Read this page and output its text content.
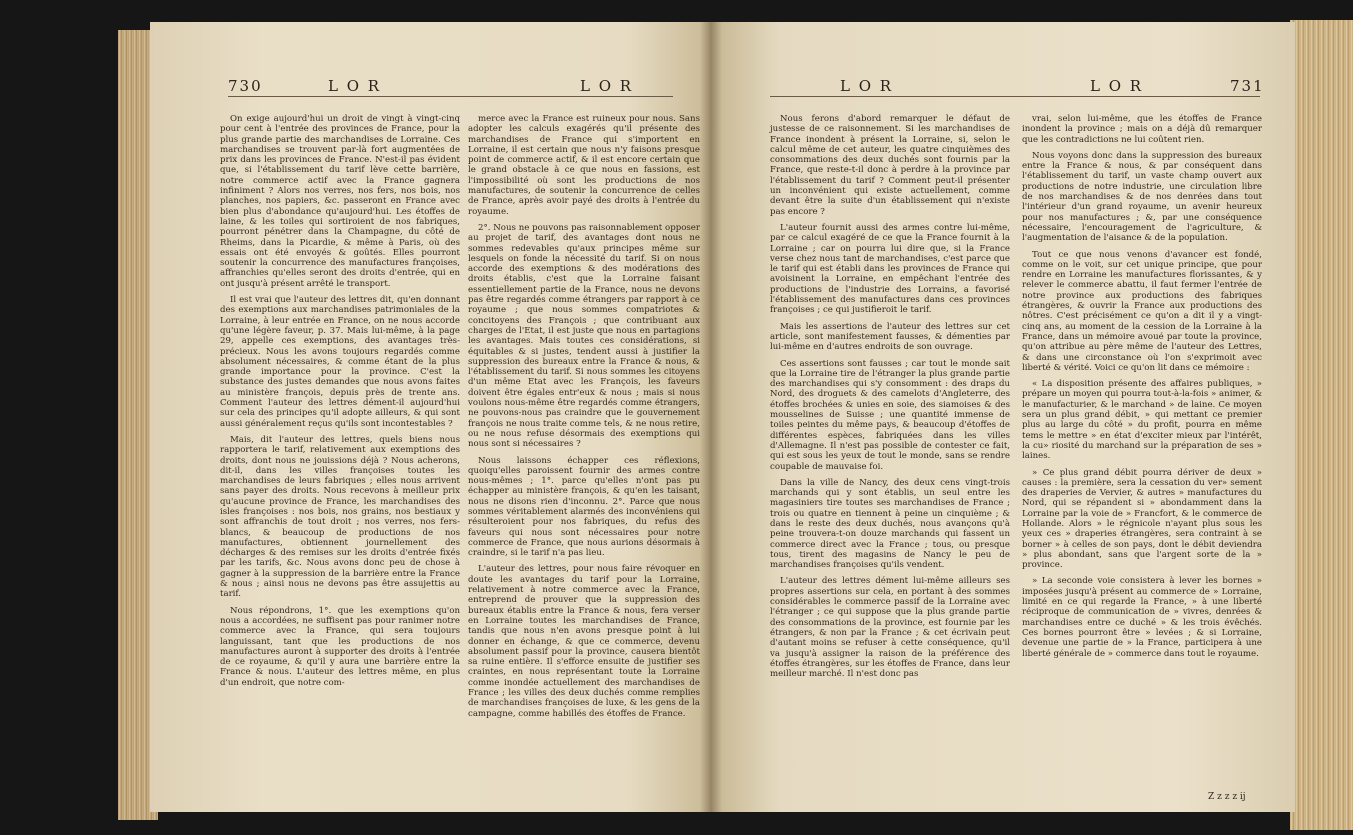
730	L O R	L O R

On exige aujourd'hui un droit de vingt à vingt-cinq pour cent à l'entrée des provinces de France, pour la plus grande partie des marchandises de Lorraine. Ces marchandises se trouvent par-là fort augmentées de prix dans les provinces de France. N'est-il pas évident que, si l'établissement du tarif lève cette barrière, notre commerce actif avec la France gagnera infiniment ? Alors nos verres, nos fers, nos bois, nos planches, nos papiers, &c. passeront en France avec bien plus d'abondance qu'aujourd'hui. Les étoffes de laine, & les toiles qui sortiroient de nos fabriques, pourront pénétrer dans la Champagne, du côté de Rheims, dans la Picardie, & même à Paris, où des essais ont été envoyés & goûtés. Elles pourront soutenir la concurrence des manufactures françoises, affranchies qu'elles seront des droits d'entrée, qui en ont jusqu'à présent arrêté le transport.

Il est vrai que l'auteur des lettres dit, qu'en donnant des exemptions aux marchandises patrimoniales de la Lorraine, à leur entrée en France, on ne nous accorde qu'une légère faveur, p. 37. Mais lui-même, à la page 29, appelle ces exemptions, des avantages très-précieux. Nous les avons toujours regardés comme absolument nécessaires, & comme étant de la plus grande importance pour la province. C'est la substance des justes demandes que nous avons faites au ministère françois, depuis près de trente ans. Comment l'auteur des lettres dément-il aujourd'hui sur cela des principes qu'il adopte ailleurs, & qui sont aussi généralement reçus qu'ils sont incontestables ?

Mais, dit l'auteur des lettres, quels biens nous rapportera le tarif, relativement aux exemptions des droits, dont nous ne jouissions déjà ? Nous acherons, dit-il, dans les villes françoises toutes les marchandises de leurs fabriques ; elles nous arrivent sans payer des droits. Nous recevons à meilleur prix qu'aucune province de France, les marchandises des isles françoises : nos bois, nos grains, nos bestiaux y sont affranchis de tout droit ; nos verres, nos fers-blancs, & beaucoup de productions de nos manufactures, obtiennent journellement des décharges & des remises sur les droits d'entrée fixés par les tarifs, &c. Nous avons donc peu de chose à gagner à la suppression de la barrière entre la France & nous ; ainsi nous ne devons pas être assujettis au tarif.

Nous répondrons, 1°. que les exemptions qu'on nous a accordées, ne suffisent pas pour ranimer notre commerce avec la France, qui sera toujours languissant, tant que les productions de nos manufactures auront à supporter des droits à l'entrée de ce royaume, & qu'il y aura une barrière entre la France & nous. L'auteur des lettres même, en plus d'un endroit, que notre com-

merce avec la France est ruineux pour nous. Sans adopter les calculs exagérés qu'il présente des marchandises de France qui s'importent en Lorraine, il est certain que nous n'y faisons presque point de commerce actif, & il est encore certain que le grand obstacle à ce que nous en fassions, est l'impossibilité où sont les productions de nos manufactures, de soutenir la concurrence de celles de France, après avoir payé des droits à l'entrée du royaume.

2°. Nous ne pouvons pas raisonnablement opposer au projet de tarif, des avantages dont nous ne sommes redevables qu'aux principes même sur lesquels on fonde la nécessité du tarif. Si on nous accorde des exemptions & des modérations des droits établis, c'est que la Lorraine faisant essentiellement partie de la France, nous ne devons pas être regardés comme étrangers par rapport à ce royaume ; que nous sommes compatriotes & concitoyens des François ; que contribuant aux charges de l'Etat, il est juste que nous en partagions les avantages. Mais toutes ces considérations, si équitables & si justes, tendent aussi à justifier la suppression des bureaux entre la France & nous, & l'établissement du tarif. Si nous sommes les citoyens d'un même Etat avec les François, les faveurs doivent être égales entr'eux & nous ; mais si nous voulons nous-même être regardés comme étrangers, ne pouvons-nous pas craindre que le gouvernement françois ne nous traite comme tels, & ne nous retire, ou ne nous refuse désormais des exemptions qui nous sont si nécessaires ?

Nous laissons échapper ces réflexions, quoiqu'elles paroissent fournir des armes contre nous-mêmes ; 1°. parce qu'elles n'ont pas pu échapper au ministère françois, & qu'en les taisant, nous ne disons rien d'inconnu. 2°. Parce que nous sommes véritablement alarmés des inconvéniens qui résulteroient pour nos fabriques, du refus des faveurs qui nous sont nécessaires pour notre commerce de France, que nous aurions désormais à craindre, si le tarif n'a pas lieu.

L'auteur des lettres, pour nous faire révoquer en doute les avantages du tarif pour la Lorraine, relativement à notre commerce avec la France, entreprend de prouver que la suppression des bureaux établis entre la France & nous, fera verser en Lorraine toutes les marchandises de France, tandis que nous n'en avons presque point à lui donner en échange, & que ce commerce, devenu absolument passif pour la province, causera bientôt sa ruine entière. Il s'efforce ensuite de justifier ses craintes, en nous représentant toute la Lorraine comme inondée actuellement des marchandises de France ; les villes des deux duchés comme remplies de marchandises françoises de luxe, & les gens de la campagne, comme habillés des étoffes de France.

L O R	L O R	731

Nous ferons d'abord remarquer le défaut de justesse de ce raisonnement. Si les marchandises de France inondent à présent la Lorraine, si, selon le calcul même de cet auteur, les quatre cinquièmes des consommations des deux duchés sont fournis par la France, que reste-t-il donc à perdre à la province par l'établissement du tarif ? Comment peut-il présenter un inconvénient qui existe actuellement, comme devant être la suite d'un établissement qui n'existe pas encore ?

L'auteur fournit aussi des armes contre lui-même, par ce calcul exagéré de ce que la France fournit à la Lorraine ; car on pourra lui dire que, si la France verse chez nous tant de marchandises, c'est parce que le tarif qui est établi dans les provinces de France qui avoisinent la Lorraine, en empêchant l'entrée des productions de l'industrie des Lorrains, a favorisé l'établissement des manufactures dans ces provinces françoises ; ce qui justifieroit le tarif.

Mais les assertions de l'auteur des lettres sur cet article, sont manifestement fausses, & démenties par lui-même en d'autres endroits de son ouvrage.

Ces assertions sont fausses ; car tout le monde sait que la Lorraine tire de l'étranger la plus grande partie des marchandises qui s'y consomment : des draps du Nord, des droguets & des camelots d'Angleterre, des étoffes brochées & unies en soie, des siamoises & des mousselines de Suisse ; une quantité immense de toiles peintes du même pays, & beaucoup d'étoffes de différentes espèces, fabriquées dans les villes d'Allemagne. Il n'est pas possible de contester ce fait, qui est sous les yeux de tout le monde, sans se rendre coupable de mauvaise foi.

Dans la ville de Nancy, des deux cens vingt-trois marchands qui y sont établis, un seul entre les magasiniers tire toutes ses marchandises de France ; trois ou quatre en tiennent à peine un cinquième ; & dans le reste des deux duchés, nous avançons qu'à peine trouvera-t-on douze marchands qui fassent un commerce direct avec la France ; tous, ou presque tous, tirent des magasins de Nancy le peu de marchandises françoises qu'ils vendent.

L'auteur des lettres dément lui-même ailleurs ses propres assertions sur cela, en portant à des sommes considérables le commerce passif de la Lorraine avec l'étranger ; ce qui suppose que la plus grande partie des consommations de la province, est fournie par les étrangers, & non par la France ; & cet écrivain peut d'autant moins se refuser à cette conséquence, qu'il va jusqu'à assigner la raison de la préférence des étoffes étrangères, sur les étoffes de France, dans leur meilleur marché. Il n'est donc pas

vrai, selon lui-même, que les étoffes de France inondent la province ; mais on a déjà dû remarquer que les contradictions ne lui coûtent rien.

Nous voyons donc dans la suppression des bureaux entre la France & nous, & par conséquent dans l'établissement du tarif, un vaste champ ouvert aux productions de notre industrie, une circulation libre de nos marchandises & de nos denrées dans tout l'intérieur d'un grand royaume, un avenir heureux pour nos manufactures ; &, par une conséquence nécessaire, l'encouragement de l'agriculture, & l'augmentation de l'aisance & de la population.

Tout ce que nous venons d'avancer est fondé, comme on le voit, sur cet unique principe, que pour rendre en Lorraine les manufactures florissantes, & y relever le commerce abattu, il faut fermer l'entrée de notre province aux productions des fabriques étrangères, & ouvrir la France aux productions des nôtres. C'est précisément ce qu'on a dit il y a vingt-cinq ans, au moment de la cession de la Lorraine à la France, dans un mémoire avoué par toute la province, qu'on attribue au père même de l'auteur des Lettres, & dans une circonstance où l'on s'exprimoit avec liberté & vérité. Voici ce qu'on lit dans ce mémoire :

« La disposition présente des affaires publiques, » prépare un moyen qui pourra tout-à-la-fois » animer, & le manufacturier, & le marchand » de laine. Ce moyen sera un plus grand débit, » qui mettant ce premier plus au large du côté » du profit, pourra en même tems le mettre » en état d'exciter mieux par l'intérêt, la cu» riosité du marchand sur la préparation de ses » laines.

» Ce plus grand débit pourra dériver de deux » causes : la première, sera la cessation du ver» sement des draperies de Vervier, & autres » manufactures du Nord, qui se répandent si » abondamment dans la Lorraine par la voie de » Francfort, & le commerce de Hollande. Alors » le régnicole n'ayant plus sous les yeux ces » draperies étrangères, sera contraint à se borner » à celles de son pays, dont le débit deviendra » plus abondant, sans que l'argent sorte de la » province.

» La seconde voie consistera à lever les bornes » imposées jusqu'à présent au commerce de » Lorraine, limité en ce qui regarde la France, » à une liberté réciproque de communication de » vivres, denrées & marchandises entre ce duché » & les trois évêchés. Ces bornes pourront être » levées ; & si Lorraine, devenue une partie de » la France, participera à une liberté générale de » commerce dans tout le royaume.

Z z z z ij
